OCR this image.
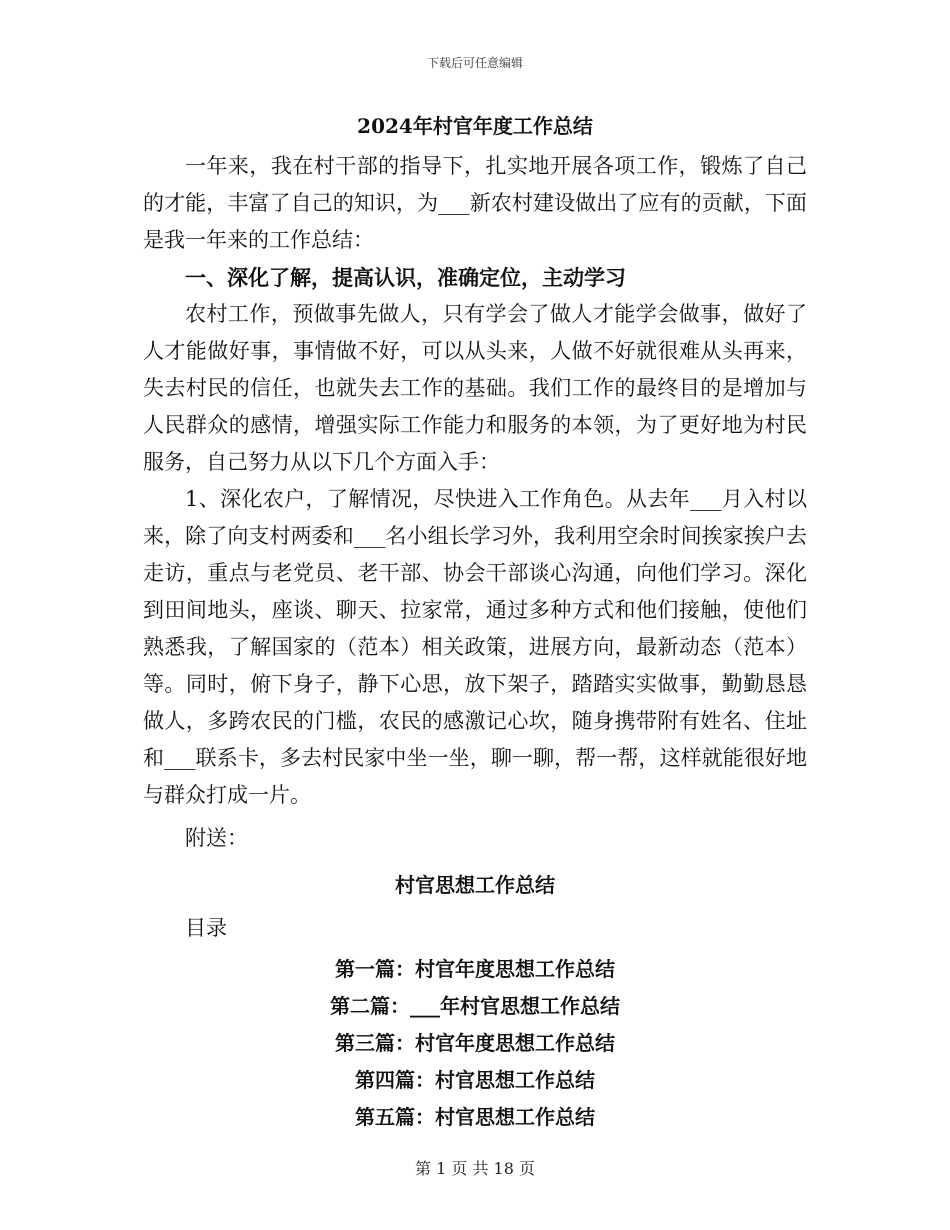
下载后可任意编辑
2024年村官年度工作总结

一年来，我在村干部的指导下，扎实地开展各项工作，锻炼了自己的才能，丰富了自己的知识，为___新农村建设做出了应有的贡献，下面是我一年来的工作总结：

一、深化了解，提高认识，准确定位，主动学习

农村工作，预做事先做人，只有学会了做人才能学会做事，做好了人才能做好事，事情做不好，可以从头来，人做不好就很难从头再来，失去村民的信任，也就失去工作的基础。我们工作的最终目的是增加与人民群众的感情，增强实际工作能力和服务的本领，为了更好地为村民服务，自己努力从以下几个方面入手：

1、深化农户，了解情况，尽快进入工作角色。从去年___月入村以来，除了向支村两委和___名小组长学习外，我利用空余时间挨家挨户去走访，重点与老党员、老干部、协会干部谈心沟通，向他们学习。深化到田间地头，座谈、聊天、拉家常，通过多种方式和他们接触，使他们熟悉我，了解国家的（范本）相关政策，进展方向，最新动态（范本）等。同时，俯下身子，静下心思，放下架子，踏踏实实做事，勤勤恳恳做人，多跨农民的门槛，农民的感激记心坎，随身携带附有姓名、住址和___联系卡，多去村民家中坐一坐，聊一聊，帮一帮，这样就能很好地与群众打成一片。

附送：

村官思想工作总结

目录

第一篇：村官年度思想工作总结
第二篇：___年村官思想工作总结
第三篇：村官年度思想工作总结
第四篇：村官思想工作总结
第五篇：村官思想工作总结
第 1 页 共 18 页
